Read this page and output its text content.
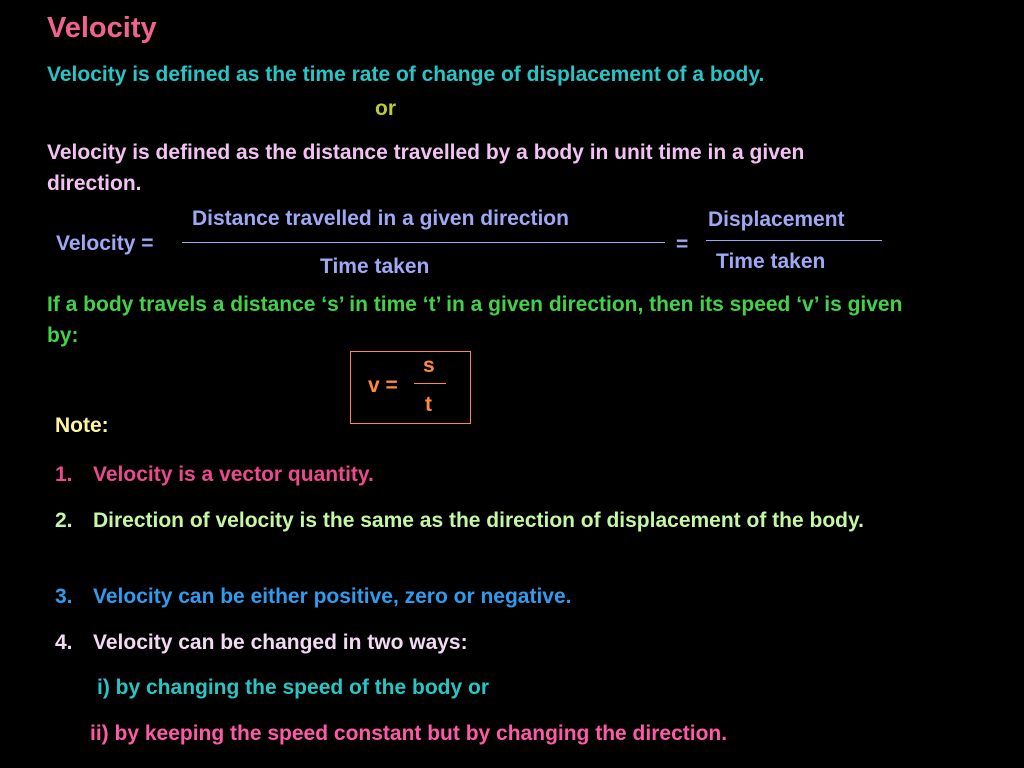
Velocity
Velocity is defined as the time rate of change of displacement of a body.
or
Velocity is defined as the distance travelled by a body in unit time in a given direction.
Velocity =
Distance travelled in a given direction
Time taken
=
Displacement
Time taken
If a body travels a distance ‘s’ in time ‘t’ in a given direction, then its speed ‘v’ is given by:
v =
s
t
Note:
1. Velocity is a vector quantity.
2. Direction of velocity is the same as the direction of displacement of the body.
3. Velocity can be either positive, zero or negative.
4. Velocity can be changed in two ways:
i) by changing the speed of the body or
ii) by keeping the speed constant but by changing the direction.
